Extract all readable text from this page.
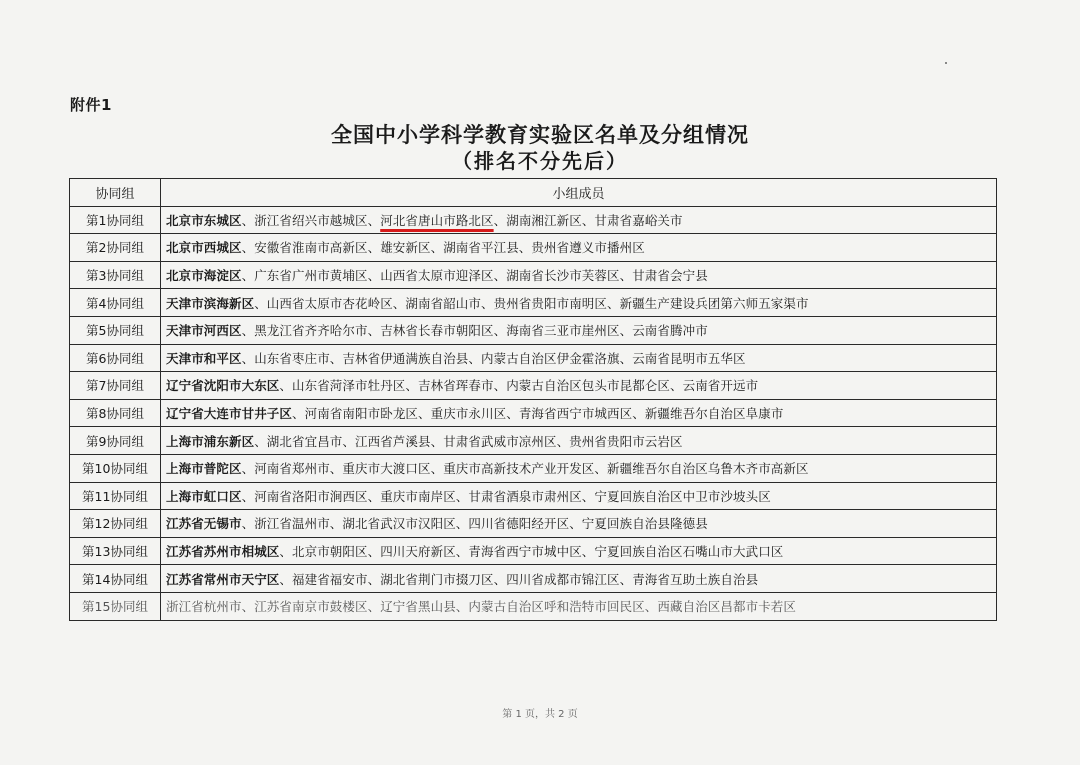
附件1
全国中小学科学教育实验区名单及分组情况
（排名不分先后）
协同组	小组成员
第1协同组	北京市东城区、浙江省绍兴市越城区、河北省唐山市路北区、湖南湘江新区、甘肃省嘉峪关市
第2协同组	北京市西城区、安徽省淮南市高新区、雄安新区、湖南省平江县、贵州省遵义市播州区
第3协同组	北京市海淀区、广东省广州市黄埔区、山西省太原市迎泽区、湖南省长沙市芙蓉区、甘肃省会宁县
第4协同组	天津市滨海新区、山西省太原市杏花岭区、湖南省韶山市、贵州省贵阳市南明区、新疆生产建设兵团第六师五家渠市
第5协同组	天津市河西区、黑龙江省齐齐哈尔市、吉林省长春市朝阳区、海南省三亚市崖州区、云南省腾冲市
第6协同组	天津市和平区、山东省枣庄市、吉林省伊通满族自治县、内蒙古自治区伊金霍洛旗、云南省昆明市五华区
第7协同组	辽宁省沈阳市大东区、山东省菏泽市牡丹区、吉林省珲春市、内蒙古自治区包头市昆都仑区、云南省开远市
第8协同组	辽宁省大连市甘井子区、河南省南阳市卧龙区、重庆市永川区、青海省西宁市城西区、新疆维吾尔自治区阜康市
第9协同组	上海市浦东新区、湖北省宜昌市、江西省芦溪县、甘肃省武威市凉州区、贵州省贵阳市云岩区
第10协同组	上海市普陀区、河南省郑州市、重庆市大渡口区、重庆市高新技术产业开发区、新疆维吾尔自治区乌鲁木齐市高新区
第11协同组	上海市虹口区、河南省洛阳市涧西区、重庆市南岸区、甘肃省酒泉市肃州区、宁夏回族自治区中卫市沙坡头区
第12协同组	江苏省无锡市、浙江省温州市、湖北省武汉市汉阳区、四川省德阳经开区、宁夏回族自治县隆德县
第13协同组	江苏省苏州市相城区、北京市朝阳区、四川天府新区、青海省西宁市城中区、宁夏回族自治区石嘴山市大武口区
第14协同组	江苏省常州市天宁区、福建省福安市、湖北省荆门市掇刀区、四川省成都市锦江区、青海省互助土族自治县
第15协同组	浙江省杭州市、江苏省南京市鼓楼区、辽宁省黑山县、内蒙古自治区呼和浩特市回民区、西藏自治区昌都市卡若区
第 1 页，共 2 页
